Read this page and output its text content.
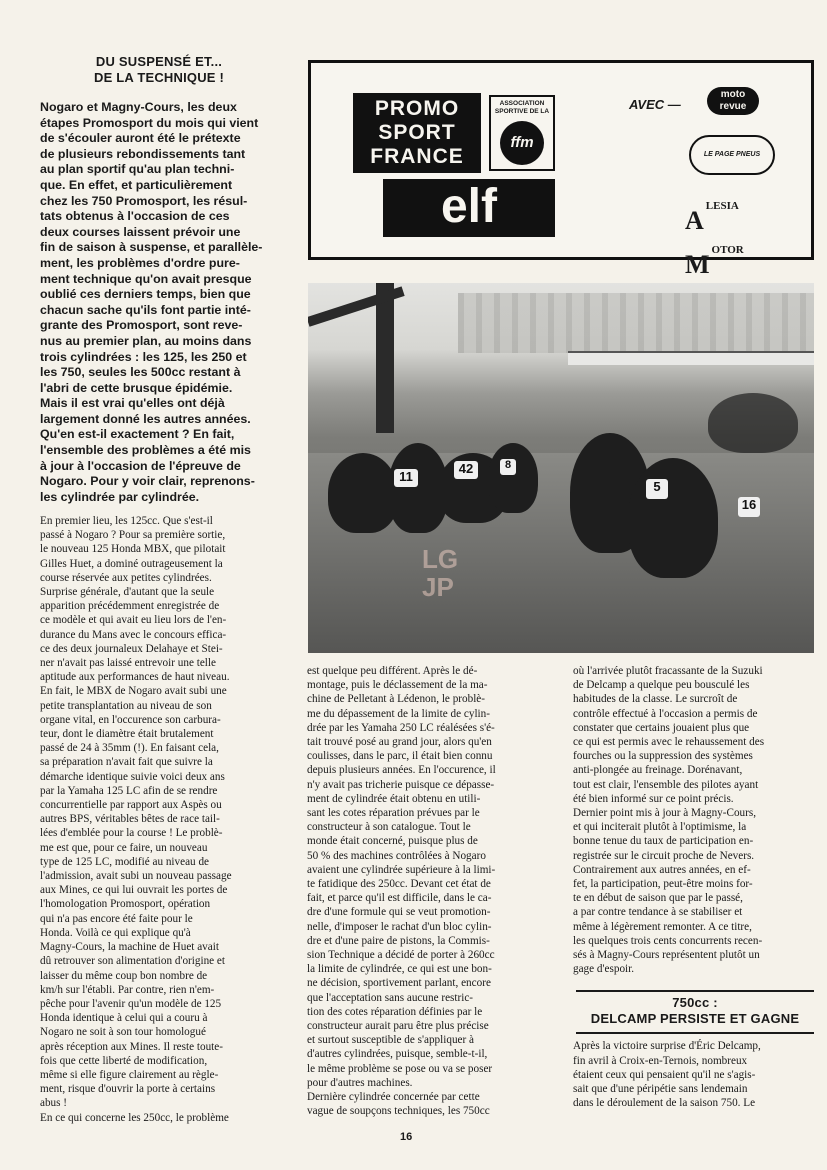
DU SUSPENSÉ ET...
DE LA TECHNIQUE !

Nogaro et Magny-Cours, les deux

étapes Promosport du mois qui vient

de s'écouler auront été le prétexte

de plusieurs rebondissements tant

au plan sportif qu'au plan techni-

que. En effet, et particulièrement

chez les 750 Promosport, les résul-

tats obtenus à l'occasion de ces

deux courses laissent prévoir une

fin de saison à suspense, et parallèle-

ment, les problèmes d'ordre pure-

ment technique qu'on avait presque

oublié ces derniers temps, bien que

chacun sache qu'ils font partie inté-

grante des Promosport, sont reve-

nus au premier plan, au moins dans

trois cylindrées : les 125, les 250 et

les 750, seules les 500cc restant à

l'abri de cette brusque épidémie.

Mais il est vrai qu'elles ont déjà

largement donné les autres années.

Qu'en est-il exactement ? En fait,

l'ensemble des problèmes a été mis

à jour à l'occasion de l'épreuve de

Nogaro. Pour y voir clair, reprenons-

les cylindrée par cylindrée.

En premier lieu, les 125cc. Que s'est-il

passé à Nogaro ? Pour sa première sortie,

le nouveau 125 Honda MBX, que pilotait

Gilles Huet, a dominé outrageusement la

course réservée aux petites cylindrées.

Surprise générale, d'autant que la seule

apparition précédemment enregistrée de

ce modèle et qui avait eu lieu lors de l'en-

durance du Mans avec le concours effica-

ce des deux journaleux Delahaye et Stei-

ner n'avait pas laissé entrevoir une telle

aptitude aux performances de haut niveau.

En fait, le MBX de Nogaro avait subi une

petite transplantation au niveau de son

organe vital, en l'occurence son carbura-

teur, dont le diamètre était brutalement

passé de 24 à 35mm (!). En faisant cela,

sa préparation n'avait fait que suivre la

démarche identique suivie voici deux ans

par la Yamaha 125 LC afin de se rendre

concurrentielle par rapport aux Aspès ou

autres BPS, véritables bêtes de race tail-

lées d'emblée pour la course ! Le problè-

me est que, pour ce faire, un nouveau

type de 125 LC, modifié au niveau de

l'admission, avait subi un nouveau passage

aux Mines, ce qui lui ouvrait les portes de

l'homologation Promosport, opération

qui n'a pas encore été faite pour le

Honda. Voilà ce qui explique qu'à

Magny-Cours, la machine de Huet avait

dû retrouver son alimentation d'origine et

laisser du même coup bon nombre de

km/h sur l'établi. Par contre, rien n'em-

pêche pour l'avenir qu'un modèle de 125

Honda identique à celui qui a couru à

Nogaro ne soit à son tour homologué

après réception aux Mines. Il reste toute-

fois que cette liberté de modification,

même si elle figure clairement au règle-

ment, risque d'ouvrir la porte à certains

abus !

En ce qui concerne les 250cc, le problème

PROMO
SPORT
FRANCE
ASSOCIATION
SPORTIVE DE LA
ffm
elf
AVEC —
moto
revue
LE PAGE PNEUS
ALESIA
MOTOR
11
42	8
5
16
LG
JP

est quelque peu différent. Après le dé-

montage, puis le déclassement de la ma-

chine de Pelletant à Lédenon, le problè-

me du dépassement de la limite de cylin-

drée par les Yamaha 250 LC réalésées s'é-

tait trouvé posé au grand jour, alors qu'en

coulisses, dans le parc, il était bien connu

depuis plusieurs années. En l'occurence, il

n'y avait pas tricherie puisque ce dépasse-

ment de cylindrée était obtenu en utili-

sant les cotes réparation prévues par le

constructeur à son catalogue. Tout le

monde était concerné, puisque plus de

50 % des machines contrôlées à Nogaro

avaient une cylindrée supérieure à la limi-

te fatidique des 250cc. Devant cet état de

fait, et parce qu'il est difficile, dans le ca-

dre d'une formule qui se veut promotion-

nelle, d'imposer le rachat d'un bloc cylin-

dre et d'une paire de pistons, la Commis-

sion Technique a décidé de porter à 260cc

la limite de cylindrée, ce qui est une bon-

ne décision, sportivement parlant, encore

que l'acceptation sans aucune restric-

tion des cotes réparation définies par le

constructeur aurait paru être plus précise

et surtout susceptible de s'appliquer à

d'autres cylindrées, puisque, semble-t-il,

le même problème se pose ou va se poser

pour d'autres machines.

Dernière cylindrée concernée par cette

vague de soupçons techniques, les 750cc

où l'arrivée plutôt fracassante de la Suzuki

de Delcamp a quelque peu bousculé les

habitudes de la classe. Le surcroît de

contrôle effectué à l'occasion a permis de

constater que certains jouaient plus que

ce qui est permis avec le rehaussement des

fourches ou la suppression des systèmes

anti-plongée au freinage. Dorénavant,

tout est clair, l'ensemble des pilotes ayant

été bien informé sur ce point précis.

Dernier point mis à jour à Magny-Cours,

et qui inciterait plutôt à l'optimisme, la

bonne tenue du taux de participation en-

registrée sur le circuit proche de Nevers.

Contrairement aux autres années, en ef-

fet, la participation, peut-être moins for-

te en début de saison que par le passé,

a par contre tendance à se stabiliser et

même à légèrement remonter. A ce titre,

les quelques trois cents concurrents recen-

sés à Magny-Cours représentent plutôt un

gage d'espoir.

750cc :
DELCAMP PERSISTE ET GAGNE

Après la victoire surprise d'Éric Delcamp,

fin avril à Croix-en-Ternois, nombreux

étaient ceux qui pensaient qu'il ne s'agis-

sait que d'une péripétie sans lendemain

dans le déroulement de la saison 750. Le

16
